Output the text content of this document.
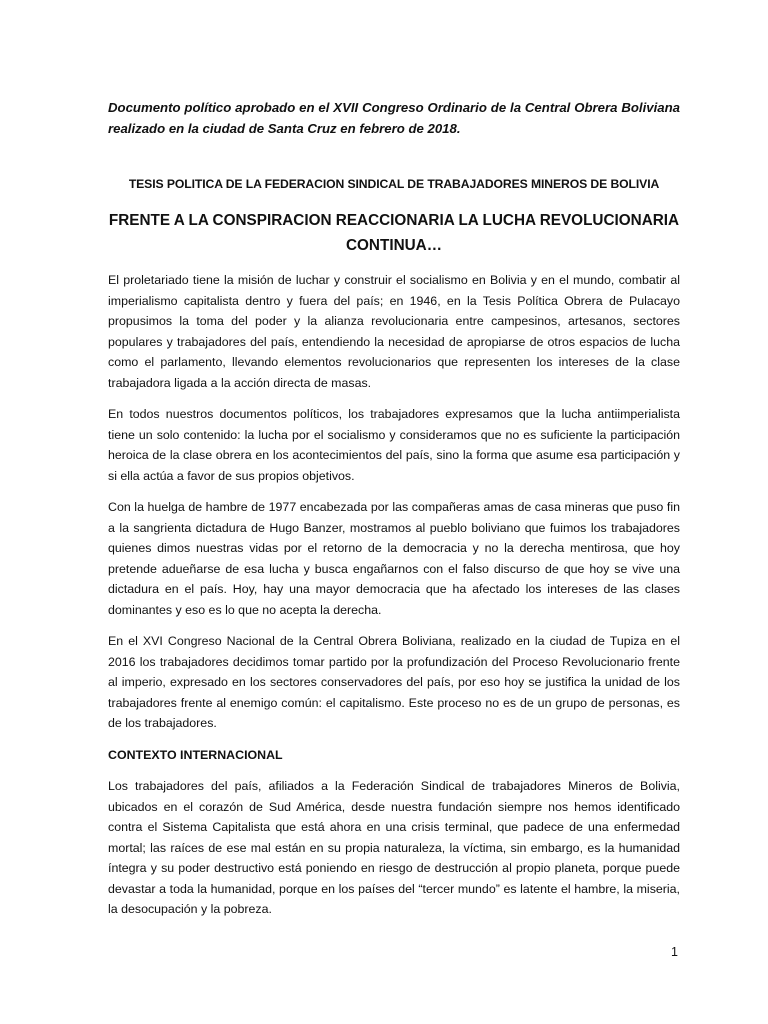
Documento político aprobado en el XVII Congreso Ordinario de la Central Obrera Boliviana realizado en la ciudad de Santa Cruz en febrero de 2018.
TESIS POLITICA DE LA FEDERACION SINDICAL DE TRABAJADORES MINEROS DE BOLIVIA
FRENTE A LA CONSPIRACION REACCIONARIA LA LUCHA REVOLUCIONARIA CONTINUA…

El proletariado tiene la misión de luchar y construir el socialismo en Bolivia y en el mundo, combatir al imperialismo capitalista dentro y fuera del país; en 1946, en la Tesis Política Obrera de Pulacayo propusimos la toma del poder y la alianza revolucionaria entre campesinos, artesanos, sectores populares y trabajadores del país, entendiendo la necesidad de apropiarse de otros espacios de lucha como el parlamento, llevando elementos revolucionarios que representen los intereses de la clase trabajadora ligada a la acción directa de masas.

En todos nuestros documentos políticos, los trabajadores expresamos que la lucha antiimperialista tiene un solo contenido: la lucha por el socialismo y consideramos que no es suficiente la participación heroica de la clase obrera en los acontecimientos del país, sino la forma que asume esa participación y si ella actúa a favor de sus propios objetivos.

Con la huelga de hambre de 1977 encabezada por las compañeras amas de casa mineras que puso fin a la sangrienta dictadura de Hugo Banzer, mostramos al pueblo boliviano que fuimos los trabajadores quienes dimos nuestras vidas por el retorno de la democracia y no la derecha mentirosa, que hoy pretende adueñarse de esa lucha y busca engañarnos con el falso discurso de que hoy se vive una dictadura en el país. Hoy, hay una mayor democracia que ha afectado los intereses de las clases dominantes y eso es lo que no acepta la derecha.

En el XVI Congreso Nacional de la Central Obrera Boliviana, realizado en la ciudad de Tupiza en el 2016 los trabajadores decidimos tomar partido por la profundización del Proceso Revolucionario frente al imperio, expresado en los sectores conservadores del país, por eso hoy se justifica la unidad de los trabajadores frente al enemigo común: el capitalismo. Este proceso no es de un grupo de personas, es de los trabajadores.

CONTEXTO INTERNACIONAL

Los trabajadores del país, afiliados a la Federación Sindical de trabajadores Mineros de Bolivia, ubicados en el corazón de Sud América, desde nuestra fundación siempre nos hemos identificado contra el Sistema Capitalista que está ahora en una crisis terminal, que padece de una enfermedad mortal; las raíces de ese mal están en su propia naturaleza, la víctima, sin embargo, es la humanidad íntegra y su poder destructivo está poniendo en riesgo de destrucción al propio planeta, porque puede devastar a toda la humanidad, porque en los países del “tercer mundo” es latente el hambre, la miseria, la desocupación y la pobreza.

1
